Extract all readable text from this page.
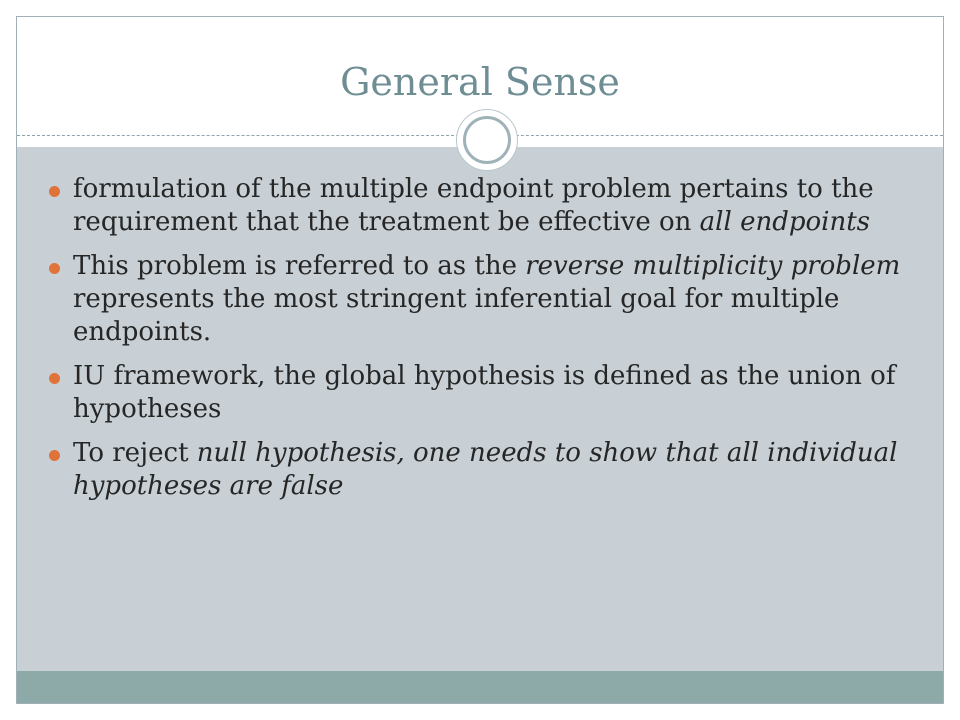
General Sense
formulation of the multiple endpoint problem pertains to the requirement that the treatment be effective on all endpoints
This problem is referred to as the reverse multiplicity problem represents the most stringent inferential goal for multiple endpoints.
IU framework, the global hypothesis is defined as the union of hypotheses
To reject null hypothesis, one needs to show that all individual hypotheses are false
